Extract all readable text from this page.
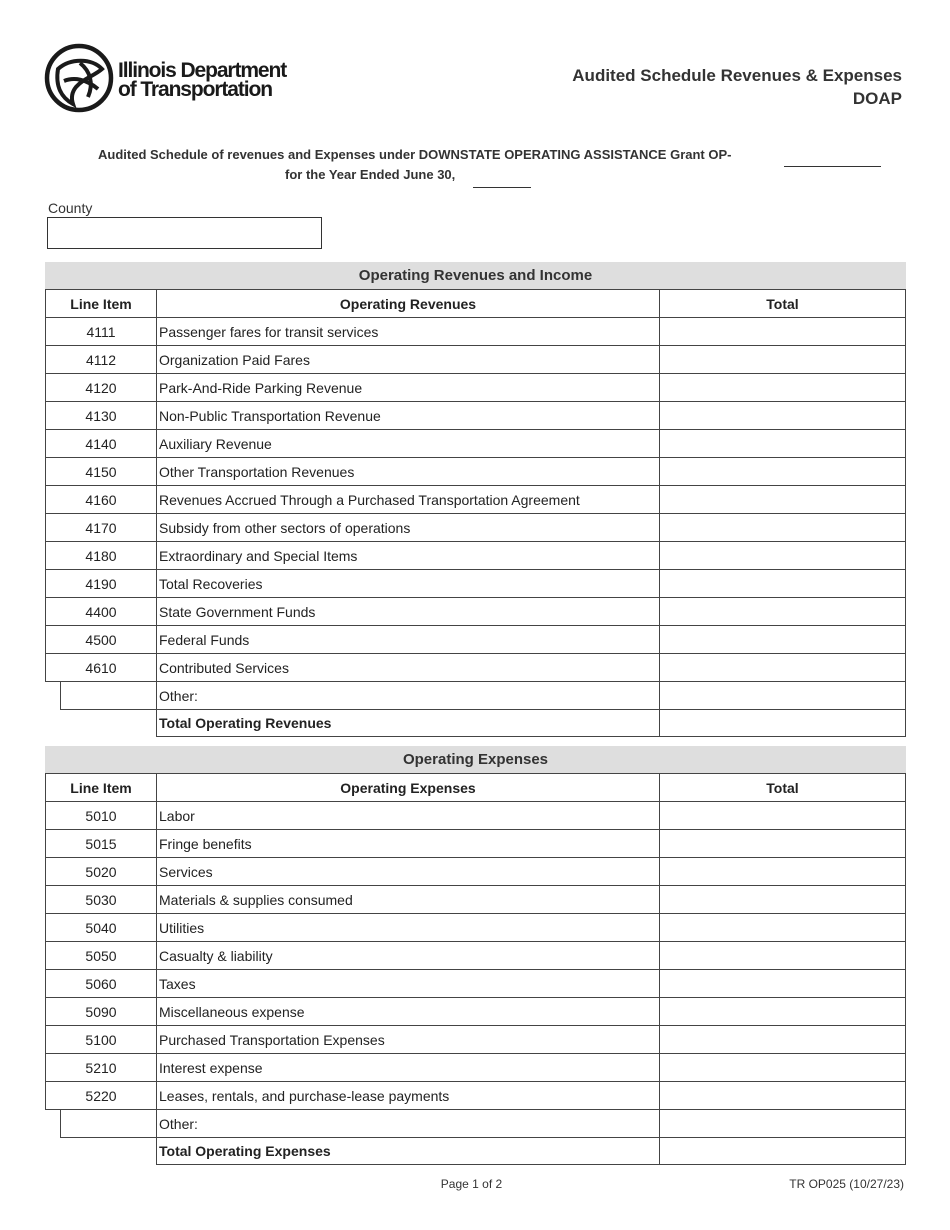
Illinois Department
of Transportation
Audited Schedule Revenues & Expenses
DOAP
Audited Schedule of revenues and Expenses under DOWNSTATE OPERATING ASSISTANCE Grant OP-
for the Year Ended June 30,
County
Operating Revenues and Income
Line Item	Operating Revenues	Total
4111	Passenger fares for transit services
4112	Organization Paid Fares
4120	Park-And-Ride Parking Revenue
4130	Non-Public Transportation Revenue
4140	Auxiliary Revenue
4150	Other Transportation Revenues
4160	Revenues Accrued Through a Purchased Transportation Agreement
4170	Subsidy from other sectors of operations
4180	Extraordinary and Special Items
4190	Total Recoveries
4400	State Government Funds
4500	Federal Funds
4610	Contributed Services
Other:
Total Operating Revenues
Operating Expenses
Line Item	Operating Expenses	Total
5010	Labor
5015	Fringe benefits
5020	Services
5030	Materials & supplies consumed
5040	Utilities
5050	Casualty & liability
5060	Taxes
5090	Miscellaneous expense
5100	Purchased Transportation Expenses
5210	Interest expense
5220	Leases, rentals, and purchase-lease payments
Other:
Total Operating Expenses
Page 1 of 2	TR OP025 (10/27/23)
